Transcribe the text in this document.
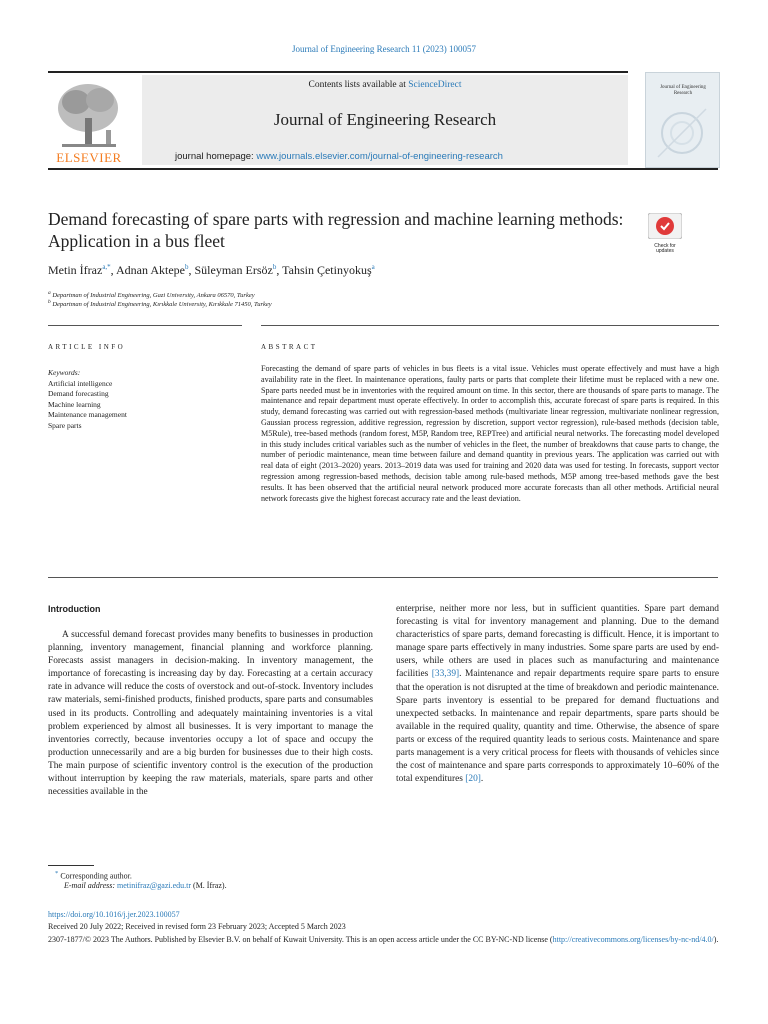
Journal of Engineering Research 11 (2023) 100057
ELSEVIER
Contents lists available at ScienceDirect
Journal of Engineering Research
journal homepage: www.journals.elsevier.com/journal-of-engineering-research
Journal of Engineering Research
Demand forecasting of spare parts with regression and machine learning methods: Application in a bus fleet	Check for updates
Metin İfraz$^{a,*}$, Adnan Aktepe$^b$, Süleyman Ersöz$^b$, Tahsin Çetinyokuş$^a$
$^a$ Departman of Industrial Engineering, Gazi University, Ankara 06570, Turkey
$^b$ Departman of Industrial Engineering, Kırıkkale University, Kırıkkale 71450, Turkey
ARTICLE INFO	ABSTRACT
Keywords:
Artificial intelligence
Demand forecasting
Machine learning
Maintenance management
Spare parts
Forecasting the demand of spare parts of vehicles in bus fleets is a vital issue. Vehicles must operate effectively and must have a high availability rate in the fleet. In maintenance operations, faulty parts or parts that complete their lifetime must be replaced with a new one. Spare parts needed must be in inventories with the required amount on time. In this sector, there are thousands of spare parts to manage. The maintenance and repair department must operate effectively. In order to accomplish this, accurate forecast of spare parts is required. In this study, demand forecasting was carried out with regression-based methods (multivariate linear regression, multivariate nonlinear regression, Gaussian process regression, additive regression, regression by discretion, support vector regression), rule-based methods (decision table, M5Rule), tree-based methods (random forest, M5P, Random tree, REPTree) and artificial neural networks. The forecasting model developed in this study includes critical variables such as the number of vehicles in the fleet, the number of breakdowns that cause parts to change, the number of periodic maintenance, mean time between failure and demand quantity in previous years. The application was carried out with real data of eight (2013–2020) years. 2013–2019 data was used for training and 2020 data was used for testing. In forecasts, support vector regression among regression-based methods, decision table among rule-based methods, M5P among tree-based methods gave the best results. It has been observed that the artificial neural network produced more accurate forecasts than all other methods. Artificial neural network forecasts give the highest forecast accuracy rate and the least deviation.
Introduction
A successful demand forecast provides many benefits to businesses in production planning, inventory management, financial planning and workforce planning. Forecasts assist managers in decision-making. In inventory management, the importance of forecasting is increasing day by day. Forecasting at a certain accuracy rate in advance will reduce the costs of overstock and out-of-stock. Inventory includes raw materials, semi-finished products, finished products, spare parts and consumables used in its products. Controlling and adequately maintaining inventories is a vital problem experienced by almost all businesses. It is very important to manage the inventories correctly, because inventories occupy a lot of space and occupy the production unnecessarily and are a big burden for businesses due to their high costs. The main purpose of scientific inventory control is the execution of the production without interruption by keeping the raw materials, materials, spare parts and other necessities available in the
enterprise, neither more nor less, but in sufficient quantities. Spare part demand forecasting is vital for inventory management and planning. Due to the demand characteristics of spare parts, demand forecasting is difficult. Hence, it is important to manage spare parts effectively in many industries. Some spare parts are used by end-users, while others are used in places such as manufacturing and maintenance facilities [33,39]. Maintenance and repair departments require spare parts to ensure that the operation is not disrupted at the time of breakdown and periodic maintenance. Spare parts inventory is essential to be prepared for demand fluctuations and unexpected setbacks. In maintenance and repair departments, spare parts should be available in the required quality, quantity and time. Otherwise, the absence of spare parts or excess of the required quantity leads to serious costs. Maintenance and spare parts management is a very critical process for fleets with thousands of vehicles since the cost of maintenance and spare parts corresponds to approximately 10–60% of the total expenditures [20].
* Corresponding author.
E-mail address: metinifraz@gazi.edu.tr (M. İfraz).
https://doi.org/10.1016/j.jer.2023.100057
Received 20 July 2022; Received in revised form 23 February 2023; Accepted 5 March 2023
2307-1877/© 2023 The Authors. Published by Elsevier B.V. on behalf of Kuwait University. This is an open access article under the CC BY-NC-ND license (http://creativecommons.org/licenses/by-nc-nd/4.0/).
